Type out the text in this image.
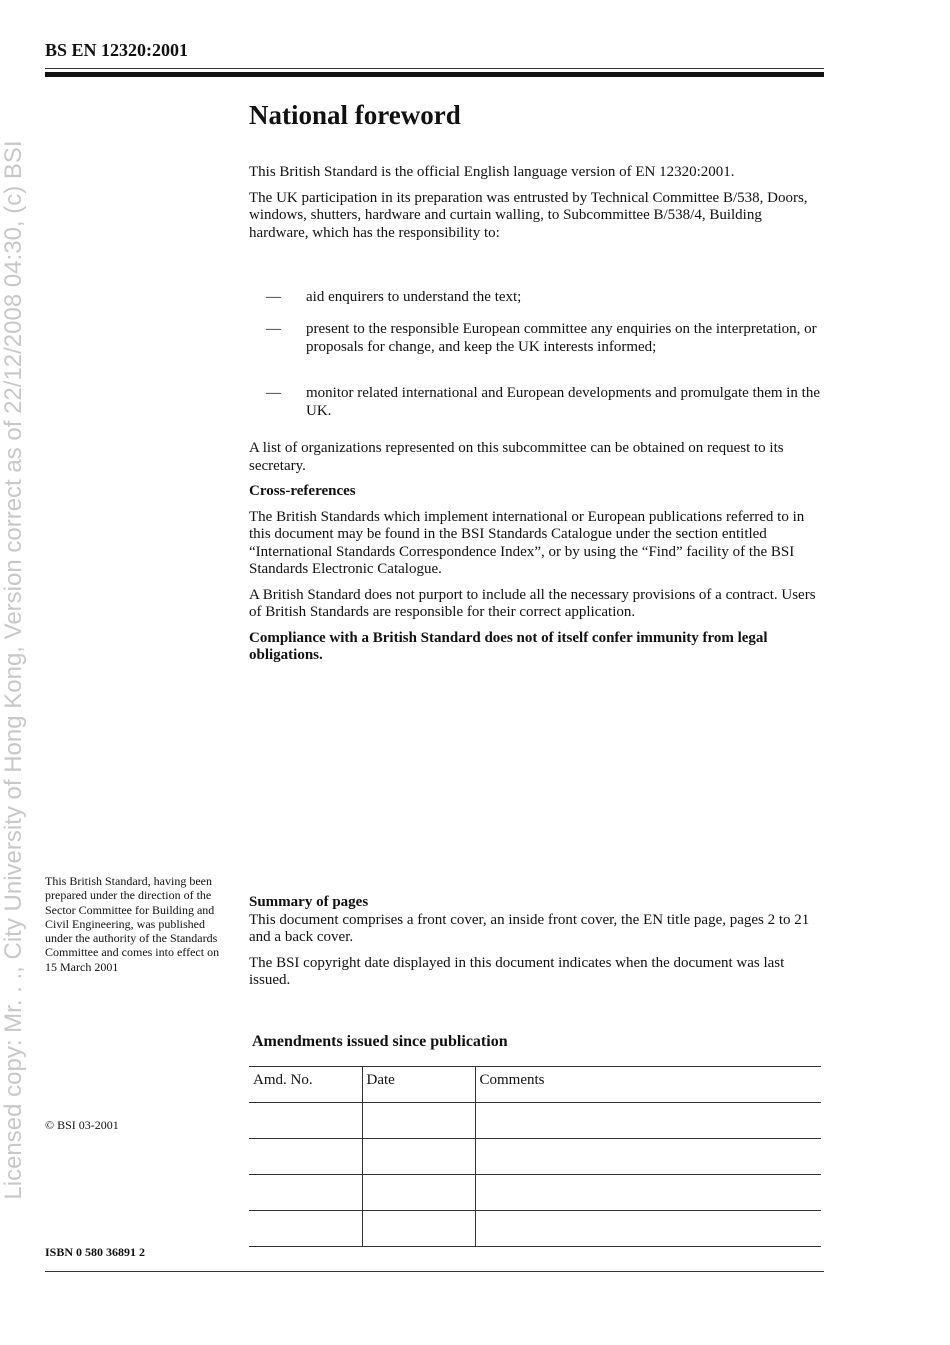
Licensed copy: Mr. . ., City University of Hong Kong, Version correct as of 22/12/2008 04:30, (c) BSI
BS EN 12320:2001
National foreword

This British Standard is the official English language version of EN 12320:2001.

The UK participation in its preparation was entrusted by Technical Committee B/538, Doors, windows, shutters, hardware and curtain walling, to Subcommittee B/538/4, Building hardware, which has the responsibility to:

— aid enquirers to understand the text;
— present to the responsible European committee any enquiries on the interpretation, or proposals for change, and keep the UK interests informed;
— monitor related international and European developments and promulgate them in the UK.

A list of organizations represented on this subcommittee can be obtained on request to its secretary.

Cross-references

The British Standards which implement international or European publications referred to in this document may be found in the BSI Standards Catalogue under the section entitled “International Standards Correspondence Index”, or by using the “Find” facility of the BSI Standards Electronic Catalogue.

A British Standard does not purport to include all the necessary provisions of a contract. Users of British Standards are responsible for their correct application.

Compliance with a British Standard does not of itself confer immunity from legal obligations.

This British Standard, having been prepared under the direction of the Sector Committee for Building and Civil Engineering, was published under the authority of the Standards Committee and comes into effect on 15 March 2001

Summary of pages

This document comprises a front cover, an inside front cover, the EN title page, pages 2 to 21 and a back cover.

The BSI copyright date displayed in this document indicates when the document was last issued.

© BSI 03-2001
Amendments issued since publication
Amd. No.	Date	Comments

ISBN 0 580 36891 2
